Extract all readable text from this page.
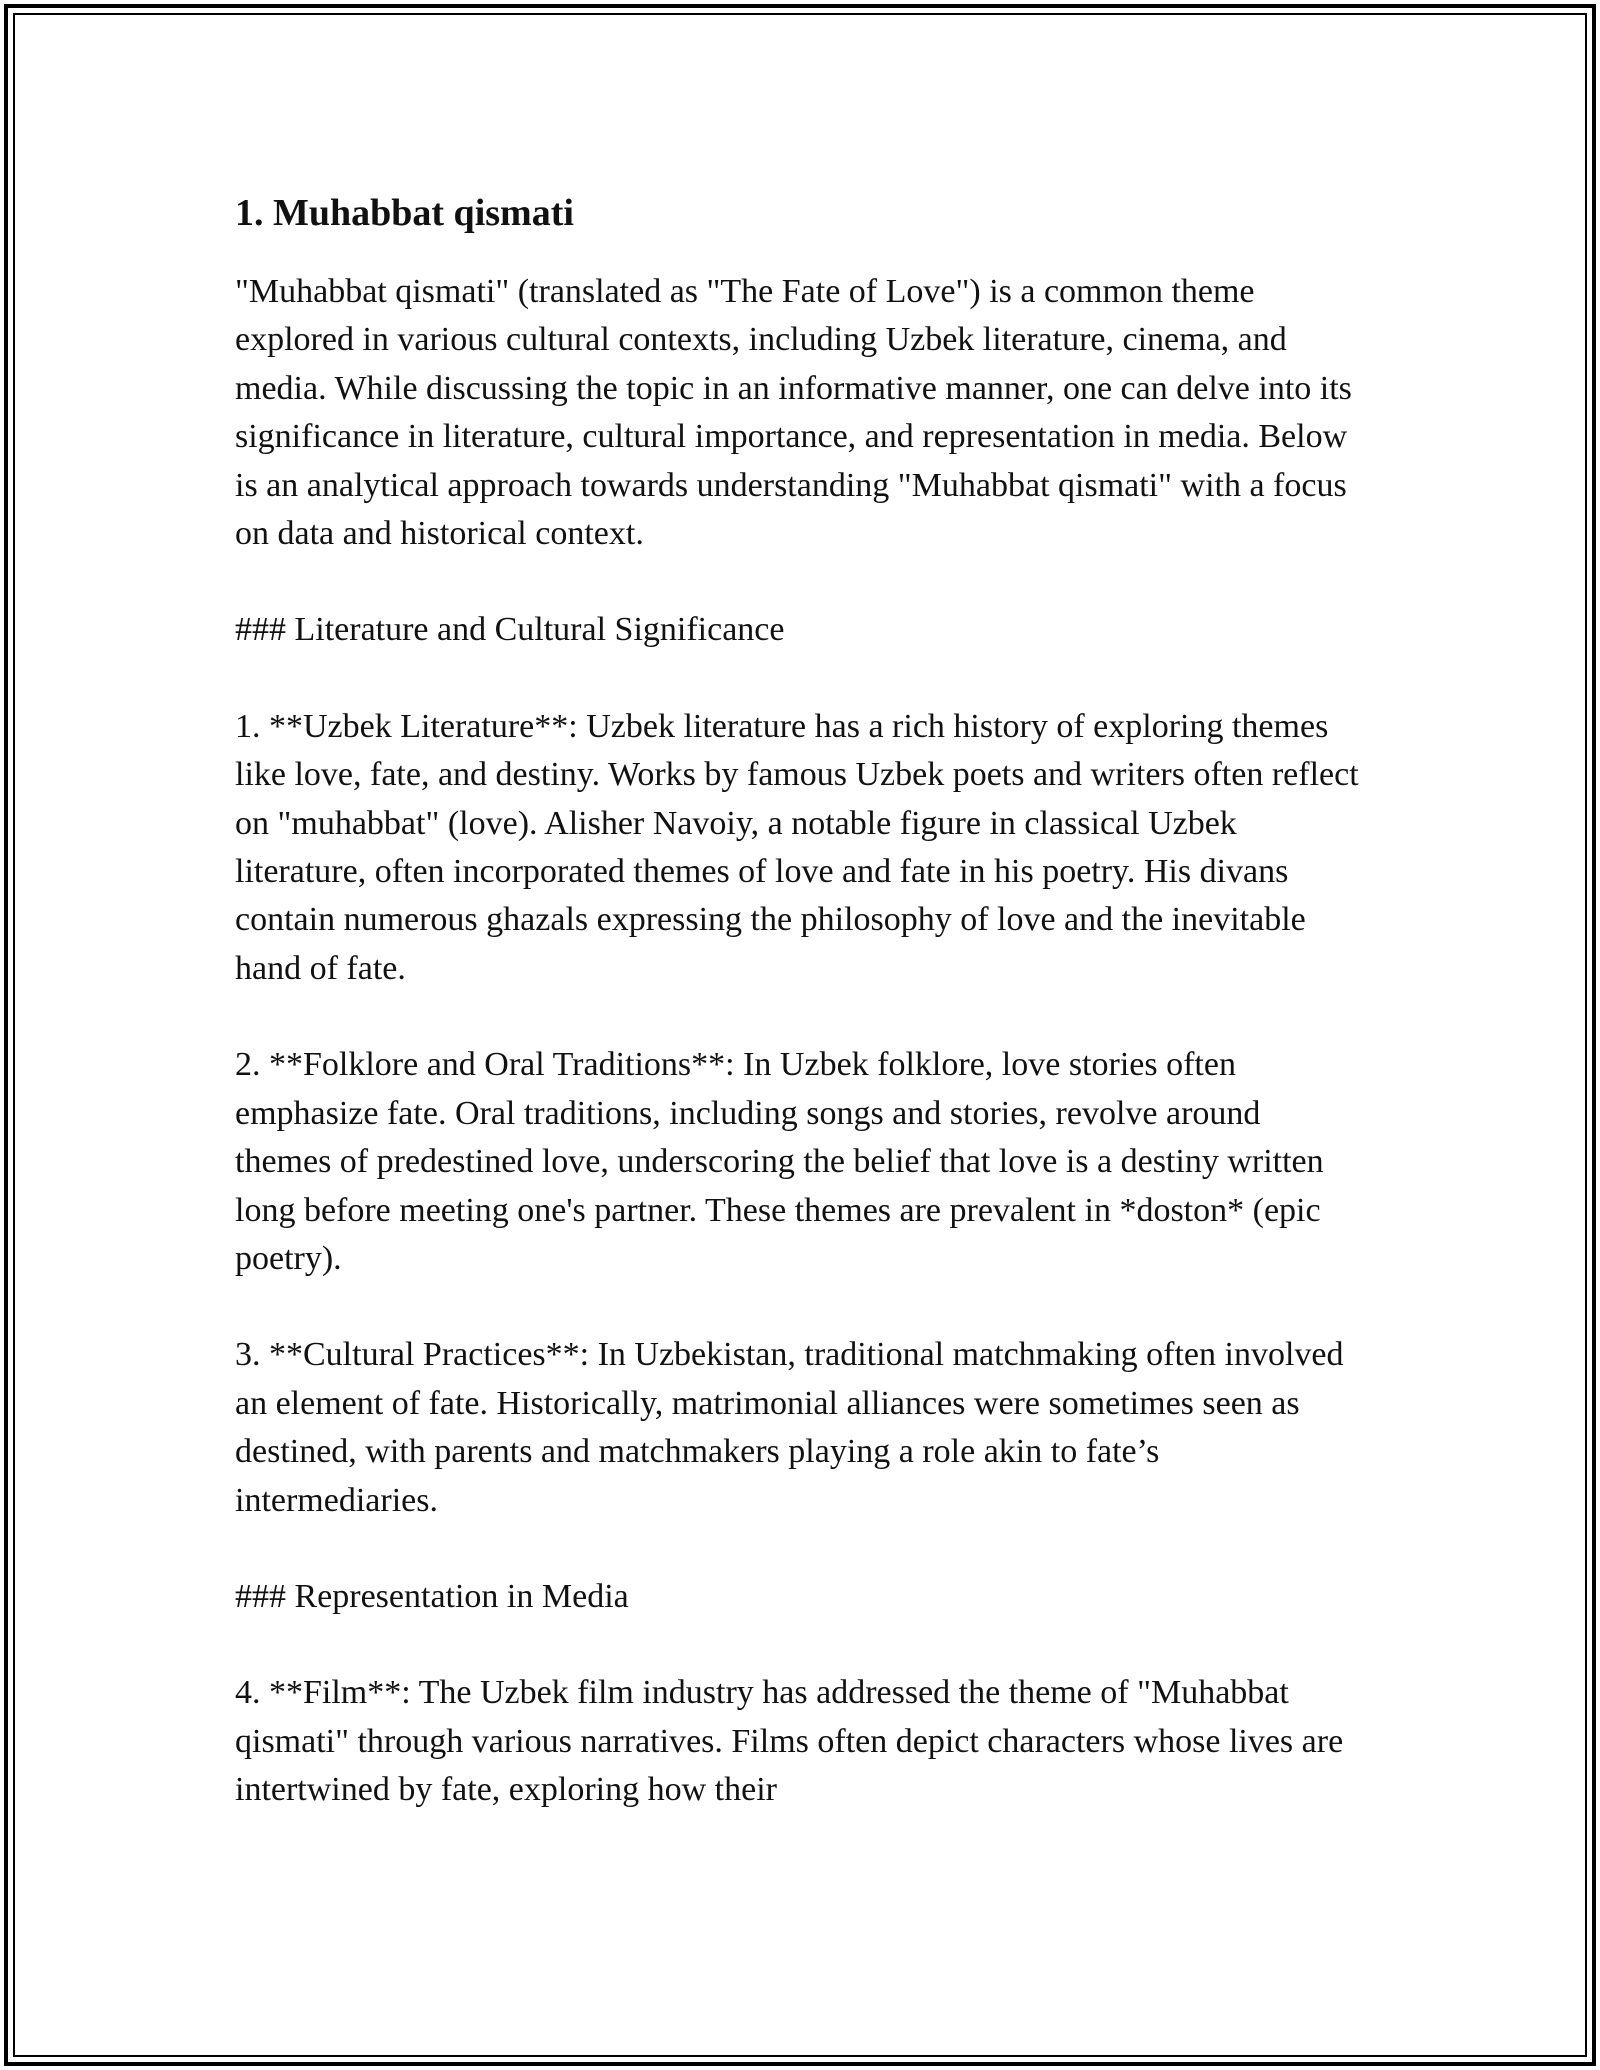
1. Muhabbat qismati

"Muhabbat qismati" (translated as "The Fate of Love") is a common theme explored in various cultural contexts, including Uzbek literature, cinema, and media. While discussing the topic in an informative manner, one can delve into its significance in literature, cultural importance, and representation in media. Below is an analytical approach towards understanding "Muhabbat qismati" with a focus on data and historical context.

### Literature and Cultural Significance

1. **Uzbek Literature**: Uzbek literature has a rich history of exploring themes like love, fate, and destiny. Works by famous Uzbek poets and writers often reflect on "muhabbat" (love). Alisher Navoiy, a notable figure in classical Uzbek literature, often incorporated themes of love and fate in his poetry. His divans contain numerous ghazals expressing the philosophy of love and the inevitable hand of fate.

2. **Folklore and Oral Traditions**: In Uzbek folklore, love stories often emphasize fate. Oral traditions, including songs and stories, revolve around themes of predestined love, underscoring the belief that love is a destiny written long before meeting one's partner. These themes are prevalent in *doston* (epic poetry).

3. **Cultural Practices**: In Uzbekistan, traditional matchmaking often involved an element of fate. Historically, matrimonial alliances were sometimes seen as destined, with parents and matchmakers playing a role akin to fate’s intermediaries.

### Representation in Media

4. **Film**: The Uzbek film industry has addressed the theme of "Muhabbat qismati" through various narratives. Films often depict characters whose lives are intertwined by fate, exploring how their
